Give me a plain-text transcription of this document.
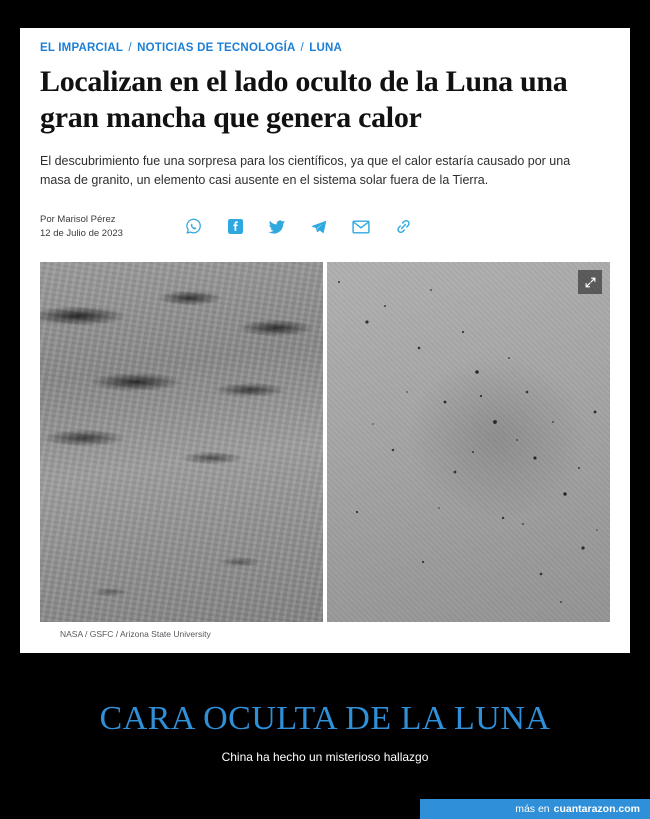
EL IMPARCIAL / NOTICIAS DE TECNOLOGÍA / LUNA
Localizan en el lado oculto de la Luna una gran mancha que genera calor

El descubrimiento fue una sorpresa para los científicos, ya que el calor estaría causado por una masa de granito, un elemento casi ausente en el sistema solar fuera de la Tierra.

Por Marisol Pérez
12 de Julio de 2023
NASA / GSFC / Arizona State University
CARA OCULTA DE LA LUNA
China ha hecho un misterioso hallazgo
más en cuantarazon.com
